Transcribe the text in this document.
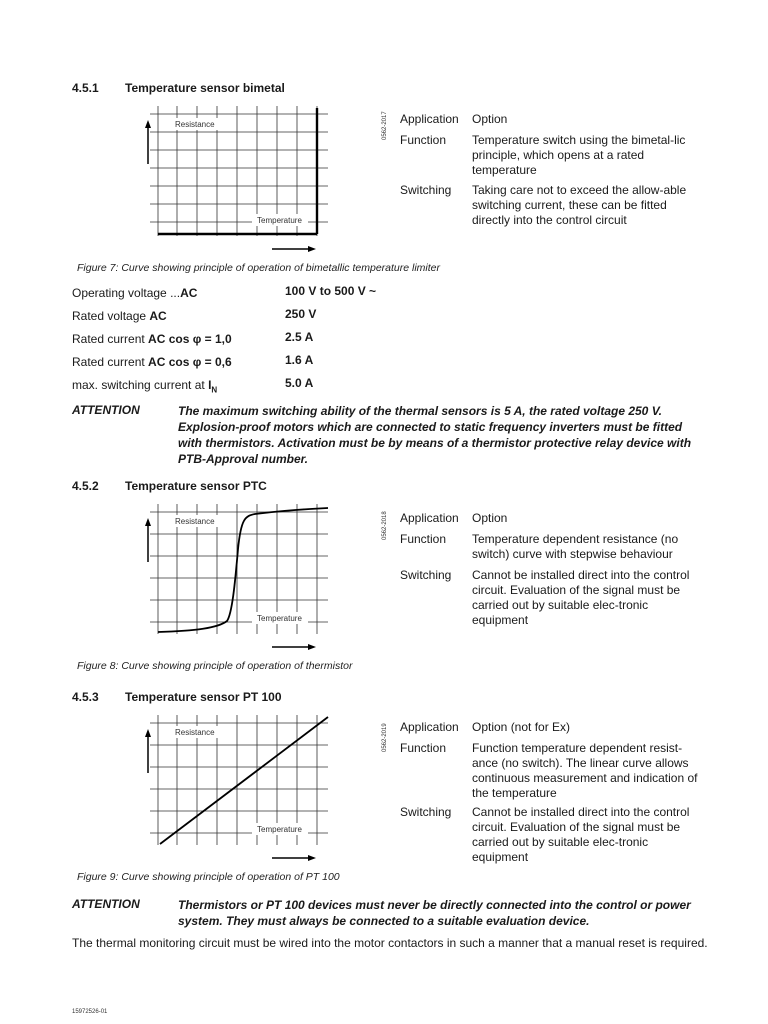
4.5.1 Temperature sensor bimetal
Resistance
Temperature
0562-2017 Application Option
Function Temperature switch using the bimetal-lic principle, which opens at a rated temperature
Switching Taking care not to exceed the allow-able switching current, these can be fitted directly into the control circuit
Figure 7: Curve showing principle of operation of bimetallic temperature limiter
Operating voltage ...AC	100 V to 500 V ~
Rated voltage AC	250 V
Rated current AC cos φ = 1,0	2.5 A
Rated current AC cos φ = 0,6	1.6 A
max. switching current at $I_N$	5.0 A
ATTENTION	The maximum switching ability of the thermal sensors is 5 A, the rated voltage 250 V. Explosion-proof motors which are connected to static frequency inverters must be fitted with thermistors. Activation must be by means of a thermistor protective relay device with PTB-Approval number.
4.5.2 Temperature sensor PTC
Resistance
Temperature
0562-2018 Application Option
Function Temperature dependent resistance (no switch) curve with stepwise behaviour
Switching Cannot be installed direct into the control circuit. Evaluation of the signal must be carried out by suitable elec-tronic equipment
Figure 8: Curve showing principle of operation of thermistor
4.5.3 Temperature sensor PT 100
Resistance
Temperature
0562-2019 Application Option (not for Ex)
Function Function temperature dependent resist-ance (no switch). The linear curve allows continuous measurement and indication of the temperature
Switching Cannot be installed direct into the control circuit. Evaluation of the signal must be carried out by suitable elec-tronic equipment
Figure 9: Curve showing principle of operation of PT 100
ATTENTION	Thermistors or PT 100 devices must never be directly connected into the control or power system. They must always be connected to a suitable evaluation device.
The thermal monitoring circuit must be wired into the motor contactors in such a manner that a manual reset is required.
15972526-01
